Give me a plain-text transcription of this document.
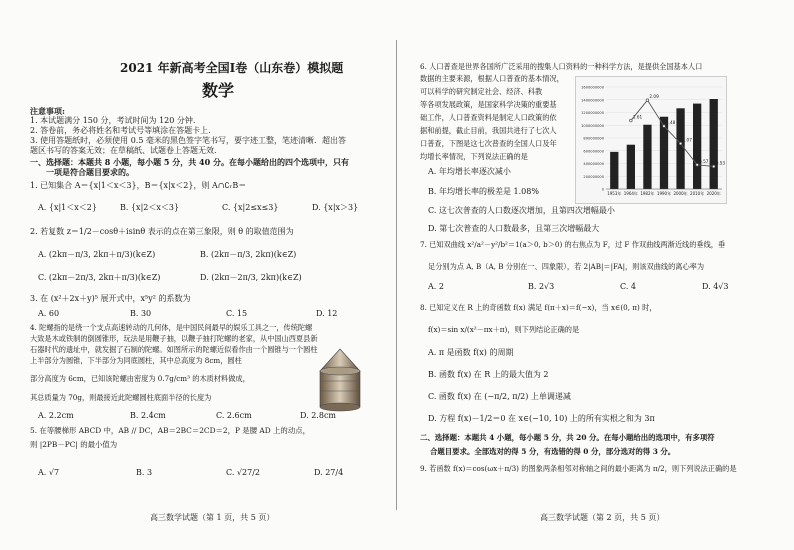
2021 年新高考全国Ⅰ卷（山东卷）模拟题
数学
注意事项:
1. 本试题满分 150 分，考试时间为 120 分钟.
2. 答卷前，务必将姓名和考试号等填涂在答题卡上.
3. 使用答题纸时，必须使用 0.5 毫米的黑色签字笔书写，要字迹工整，笔迹清晰．超出答
题区书写的答案无效；在草稿纸、试题卷上答题无效.
一、选择题：本题共 8 小题，每小题 5 分，共 40 分。在每小题给出的四个选项中，只有
一项是符合题目要求的。
1. 已知集合 A＝{x|1＜x＜3}，B＝{x|x＜2}，则 A∩∁ᵣB＝
A. {x|1＜x＜2}	B. {x|2＜x＜3}	C. {x|2≤x≤3}	D. {x|x＞3}
2. 若复数 z＝1/2－cosθ＋isinθ 表示的点在第三象限，则 θ 的取值范围为
A. (2kπ－π/3, 2kπ＋π/3)(k∈Z)	B. (2kπ－π/3, 2kπ)(k∈Z)
C. (2kπ－2π/3, 2kπ＋π/3)(k∈Z)	D. (2kπ－2π/3, 2kπ)(k∈Z)
3. 在 (x²＋2x＋y)⁵ 展开式中，x⁵y² 的系数为
A. 60	B. 30	C. 15	D. 12
4. 陀螺指的是绕一个支点高速转动的几何体，是中国民间最早的娱乐工具之一，传统陀螺
大致是木或铁制的倒圆锥形，玩法是用鞭子抽，以鞭子抽打陀螺的老家，从中国山西夏县新
石器时代的遗址中，就发掘了石制的陀螺。如图所示的陀螺近似看作由一个圆锥与一个圆柱
上半部分为圆锥，下半部分为同底圆柱，其中总高度为 8cm，圆柱
部分高度为 6cm，已知该陀螺由密度为 0.7g/cm³ 的木质材料做成，
其总质量为 70g，则最接近此陀螺圆柱底面半径的长度为
A. 2.2cm	B. 2.4cm	C. 2.6cm	D. 2.8cm
5. 在等腰梯形 ABCD 中，AB // DC，AB＝2BC＝2CD＝2，P 是腰 AD 上的动点，
则 |2PB－PC| 的最小值为
A. √7	B. 3	C. √27/2	D. 27/4
高三数学试题（第 1 页，共 5 页）
6. 人口普查是世界各国所广泛采用的搜集人口资料的一种科学方法，是提供全国基本人口
数据的主要来源，根据人口普查的基本情况，
可以科学的研究制定社会、经济、科教
等各项发展政策，是国家科学决策的重要基
础工作，人口普查资料是制定人口政策的依
据和前提，截止目前，我国共进行了七次人
口普查，下图是这七次普查的全国人口及年
均增长率情况，下列说法正确的是
0
200000000
400000000
600000000
800000000
1000000000
1200000000
1400000000
1600000000
1953年 1964年 1982年 1990年 2000年 2010年 2020年
1.61
2.09
1.48
1.07
0.57 0.53
A. 年均增长率逐次减小
B. 年均增长率的极差是 1.08%
C. 这七次普查的人口数逐次增加，且第四次增幅最小
D. 第七次普查的人口数最多，且第三次增幅最大
7. 已知双曲线 x²/a²－y²/b²＝1(a＞0, b＞0) 的右焦点为 F，过 F 作双曲线两渐近线的垂线，垂
足分别为点 A, B（A, B 分别在一、四象限），若 2|AB|＝|FA|，则该双曲线的离心率为
A. 2	B. 2√3	C. 4	D. 4√3
8. 已知定义在 R 上的奇函数 f(x) 满足 f(π＋x)＝f(−x)，当 x∈(0, π) 时，
f(x)＝sin x/(x²－πx＋π)，则下列结论正确的是
A. π 是函数 f(x) 的周期
B. 函数 f(x) 在 R 上的最大值为 2
C. 函数 f(x) 在 (−π/2, π/2) 上单调递减
D. 方程 f(x)－1/2＝0 在 x∈(−10, 10) 上的所有实根之和为 3π
二、选择题：本题共 4 小题，每小题 5 分，共 20 分。在每小题给出的选项中，有多项符
合题目要求。全部选对的得 5 分，有选错的得 0 分，部分选对的得 3 分。
9. 若函数 f(x)＝cos(ωx＋π/3) 的图象两条相邻对称轴之间的最小距离为 π/2，则下列说法正确的是
高三数学试题（第 2 页，共 5 页）
